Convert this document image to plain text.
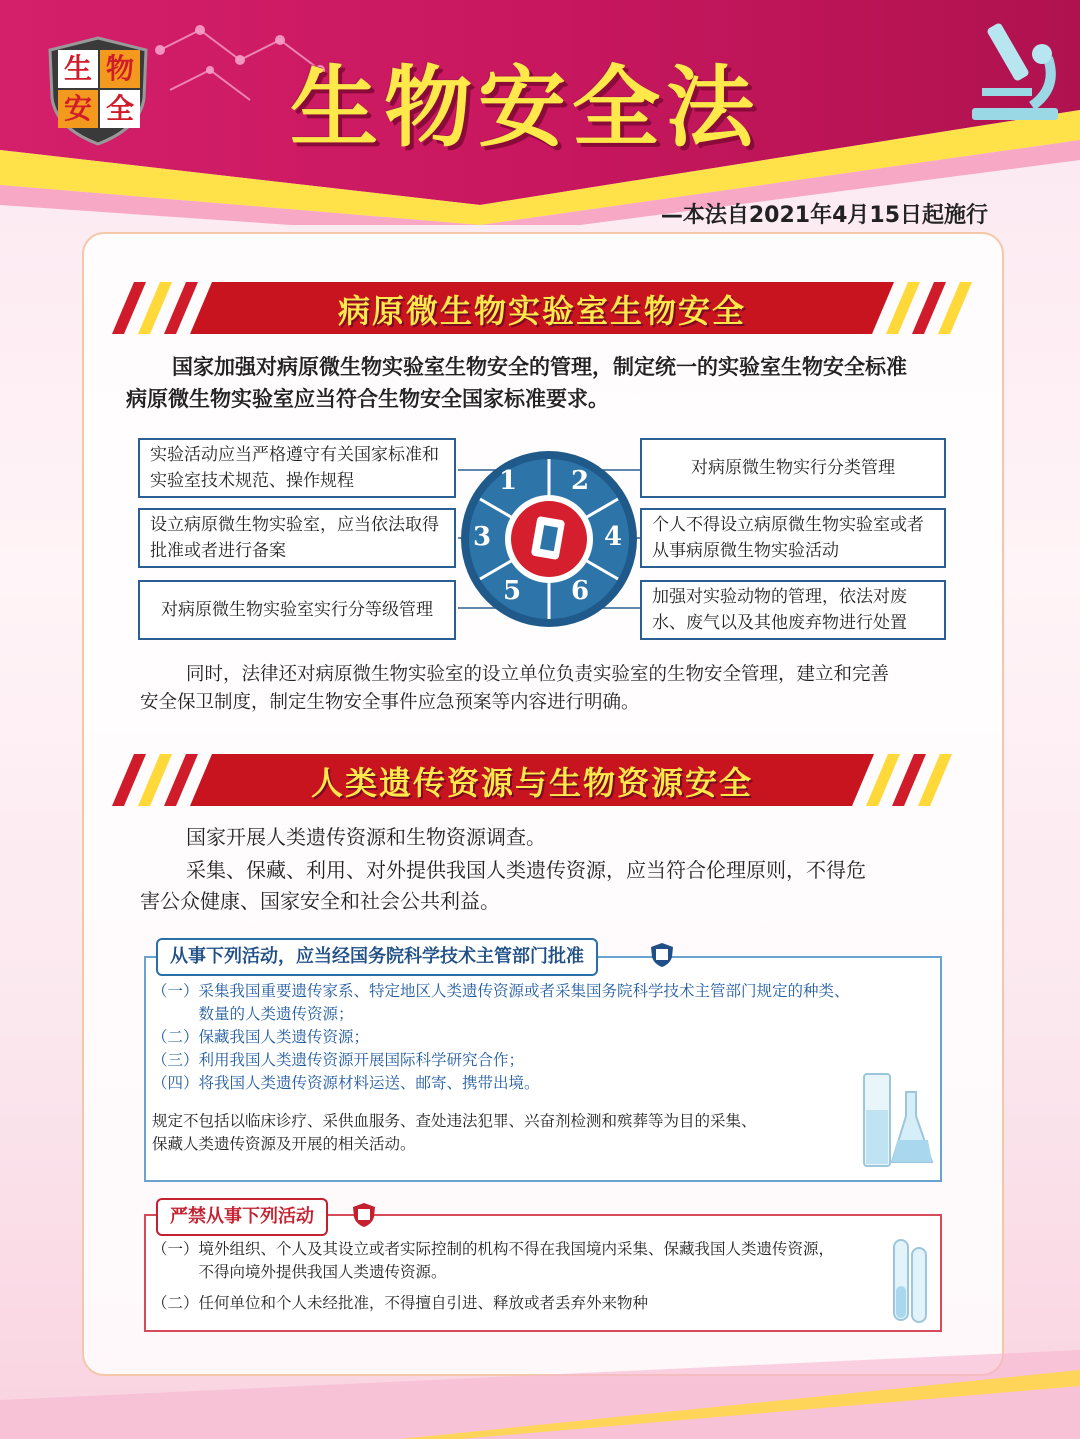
生 物
安 全 生物安全法
—本法自2021年4月15日起施行
病原微生物实验室生物安全
国家加强对病原微生物实验室生物安全的管理，制定统一的实验室生物安全标准
病原微生物实验室应当符合生物安全国家标准要求。
实验活动应当严格遵守有关国家标准和实验室技术规范、操作规程
设立病原微生物实验室，应当依法取得批准或者进行备案
对病原微生物实验室实行分等级管理
对病原微生物实行分类管理
个人不得设立病原微生物实验室或者从事病原微生物实验活动
加强对实验动物的管理，依法对废水、废气以及其他废弃物进行处置
1 2
3	4
5 6
同时，法律还对病原微生物实验室的设立单位负责实验室的生物安全管理，建立和完善
安全保卫制度，制定生物安全事件应急预案等内容进行明确。
人类遗传资源与生物资源安全
国家开展人类遗传资源和生物资源调查。
采集、保藏、利用、对外提供我国人类遗传资源，应当符合伦理原则，不得危
害公众健康、国家安全和社会公共利益。
从事下列活动，应当经国务院科学技术主管部门批准
（一）采集我国重要遗传家系、特定地区人类遗传资源或者采集国务院科学技术主管部门规定的种类、
　　　数量的人类遗传资源；
（二）保藏我国人类遗传资源；
（三）利用我国人类遗传资源开展国际科学研究合作；
（四）将我国人类遗传资源材料运送、邮寄、携带出境。
规定不包括以临床诊疗、采供血服务、查处违法犯罪、兴奋剂检测和殡葬等为目的采集、
保藏人类遗传资源及开展的相关活动。
严禁从事下列活动
（一）境外组织、个人及其设立或者实际控制的机构不得在我国境内采集、保藏我国人类遗传资源，
　　　不得向境外提供我国人类遗传资源。
（二）任何单位和个人未经批准，不得擅自引进、释放或者丢弃外来物种
